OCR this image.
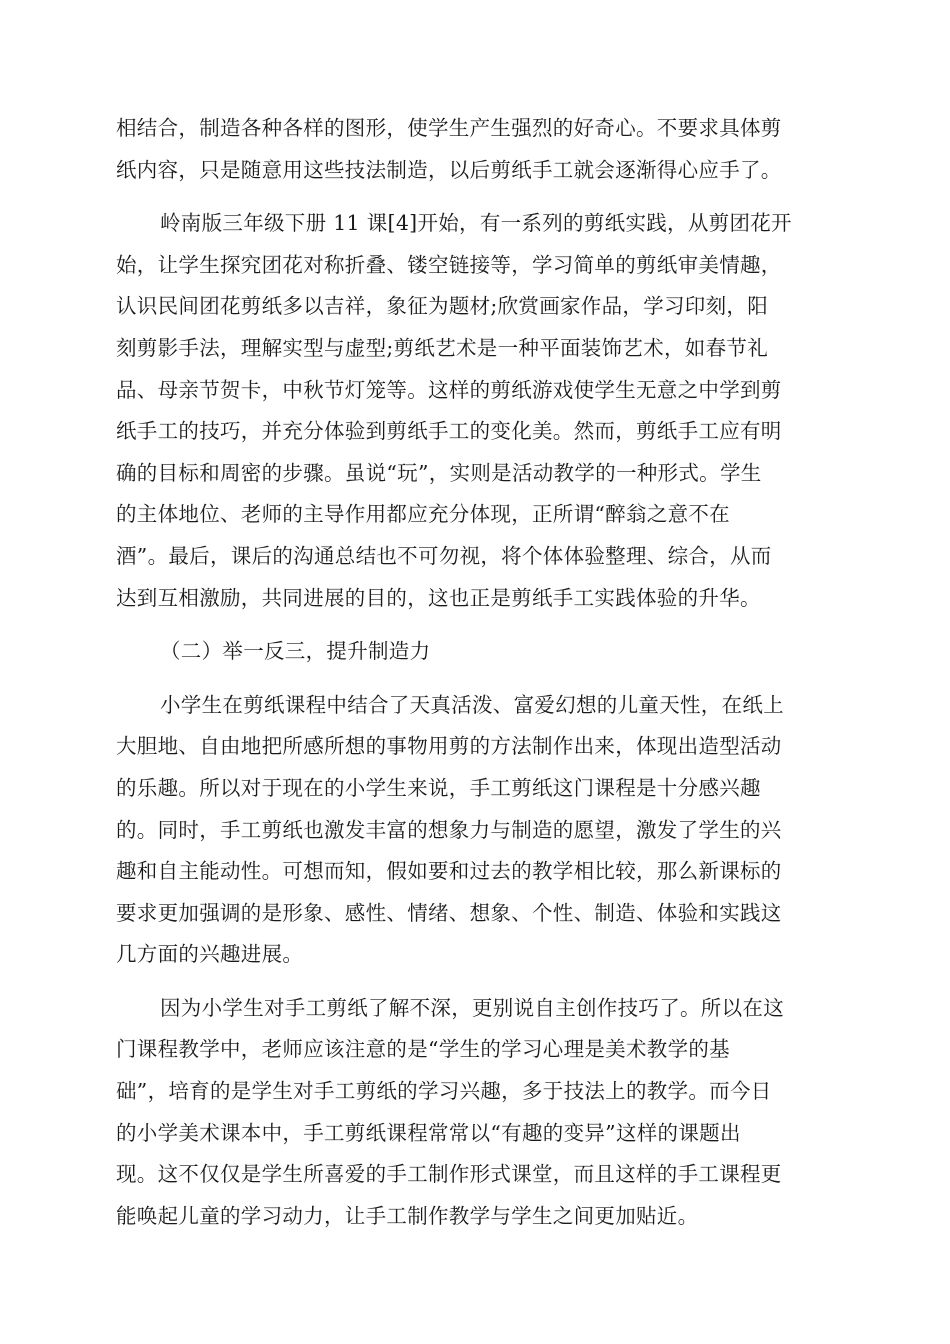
相结合，制造各种各样的图形，使学生产生强烈的好奇心。不要求具体剪
纸内容，只是随意用这些技法制造，以后剪纸手工就会逐渐得心应手了。
岭南版三年级下册 11 课[4]开始，有一系列的剪纸实践，从剪团花开
始，让学生探究团花对称折叠、镂空链接等，学习简单的剪纸审美情趣，
认识民间团花剪纸多以吉祥，象征为题材;欣赏画家作品，学习印刻，阳
刻剪影手法，理解实型与虚型;剪纸艺术是一种平面装饰艺术，如春节礼
品、母亲节贺卡，中秋节灯笼等。这样的剪纸游戏使学生无意之中学到剪
纸手工的技巧，并充分体验到剪纸手工的变化美。然而，剪纸手工应有明
确的目标和周密的步骤。虽说“玩”，实则是活动教学的一种形式。学生
的主体地位、老师的主导作用都应充分体现，正所谓“醉翁之意不在
酒”。最后，课后的沟通总结也不可勿视，将个体体验整理、综合，从而
达到互相激励，共同进展的目的，这也正是剪纸手工实践体验的升华。
（二）举一反三，提升制造力
小学生在剪纸课程中结合了天真活泼、富爱幻想的儿童天性，在纸上
大胆地、自由地把所感所想的事物用剪的方法制作出来，体现出造型活动
的乐趣。所以对于现在的小学生来说，手工剪纸这门课程是十分感兴趣
的。同时，手工剪纸也激发丰富的想象力与制造的愿望，激发了学生的兴
趣和自主能动性。可想而知，假如要和过去的教学相比较，那么新课标的
要求更加强调的是形象、感性、情绪、想象、个性、制造、体验和实践这
几方面的兴趣进展。
因为小学生对手工剪纸了解不深，更别说自主创作技巧了。所以在这
门课程教学中，老师应该注意的是“学生的学习心理是美术教学的基
础”，培育的是学生对手工剪纸的学习兴趣，多于技法上的教学。而今日
的小学美术课本中，手工剪纸课程常常以“有趣的变异”这样的课题出
现。这不仅仅是学生所喜爱的手工制作形式课堂，而且这样的手工课程更
能唤起儿童的学习动力，让手工制作教学与学生之间更加贴近。
